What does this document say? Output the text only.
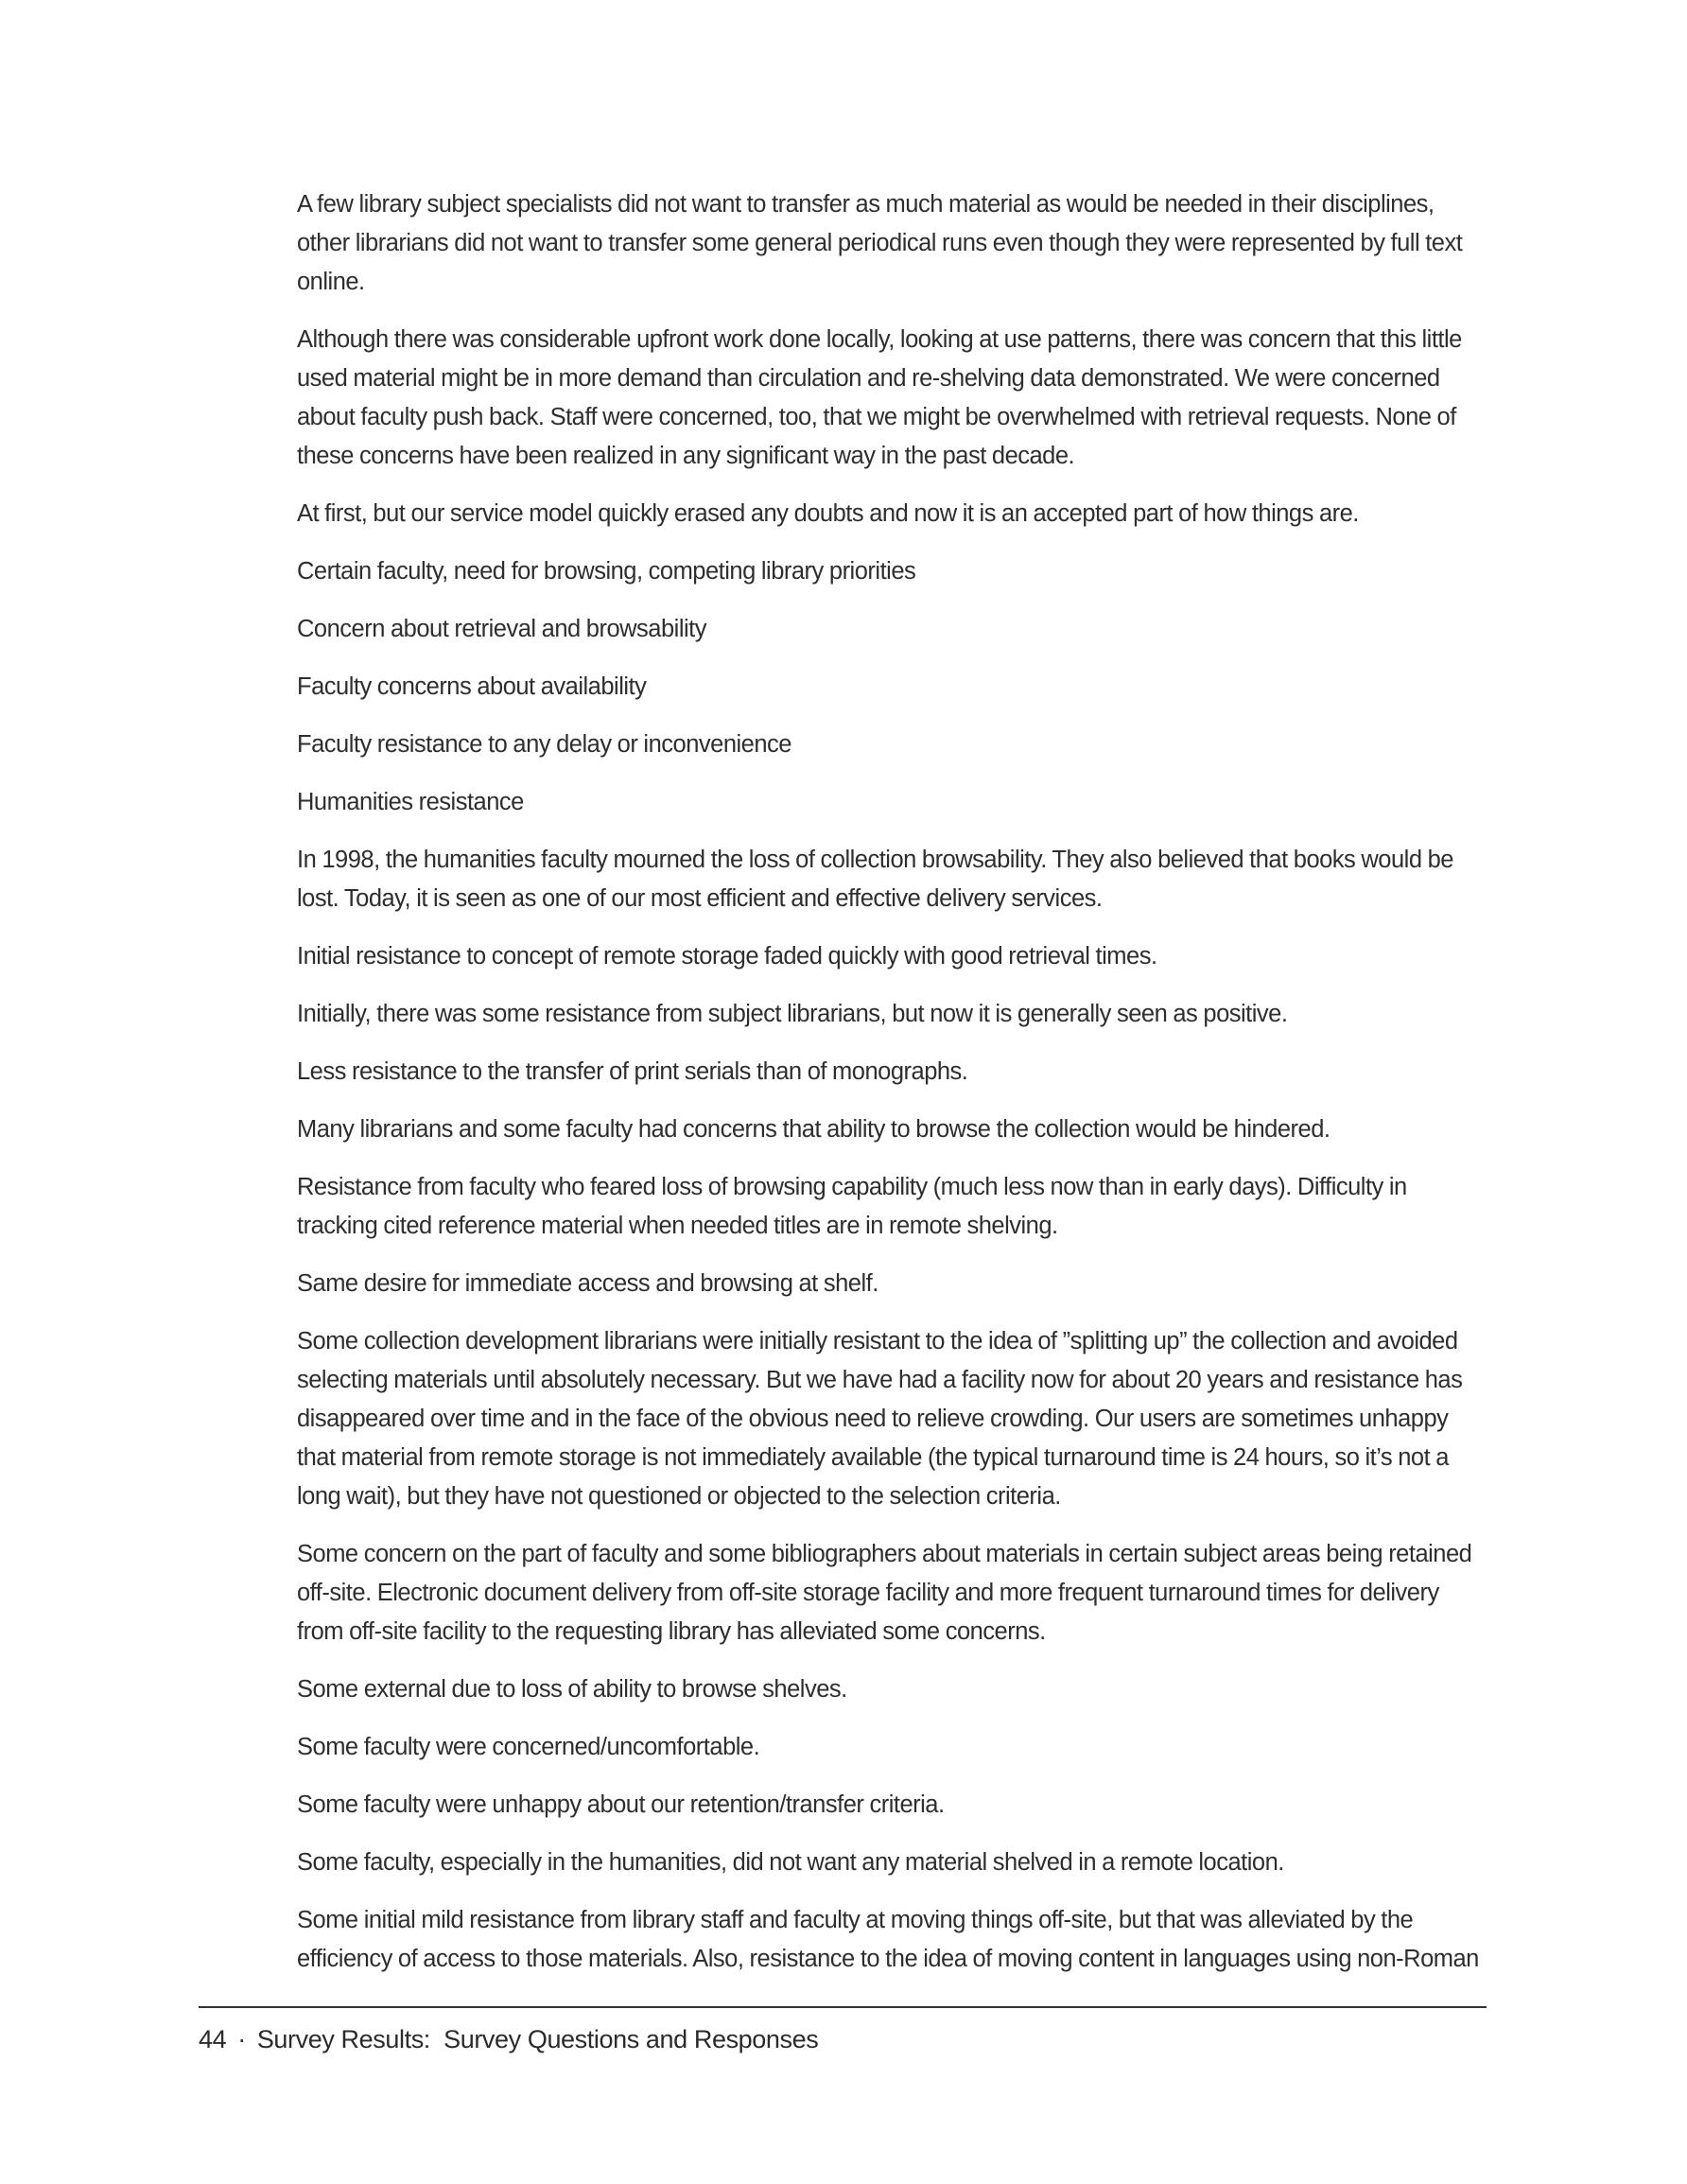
A few library subject specialists did not want to transfer as much material as would be needed in their disciplines, other librarians did not want to transfer some general periodical runs even though they were represented by full text online.

Although there was considerable upfront work done locally, looking at use patterns, there was concern that this little used material might be in more demand than circulation and re-shelving data demonstrated. We were concerned about faculty push back. Staff were concerned, too, that we might be overwhelmed with retrieval requests. None of these concerns have been realized in any significant way in the past decade.

At first, but our service model quickly erased any doubts and now it is an accepted part of how things are.

Certain faculty, need for browsing, competing library priorities

Concern about retrieval and browsability

Faculty concerns about availability

Faculty resistance to any delay or inconvenience

Humanities resistance

In 1998, the humanities faculty mourned the loss of collection browsability. They also believed that books would be lost. Today, it is seen as one of our most efficient and effective delivery services.

Initial resistance to concept of remote storage faded quickly with good retrieval times.

Initially, there was some resistance from subject librarians, but now it is generally seen as positive.

Less resistance to the transfer of print serials than of monographs.

Many librarians and some faculty had concerns that ability to browse the collection would be hindered.

Resistance from faculty who feared loss of browsing capability (much less now than in early days). Difficulty in tracking cited reference material when needed titles are in remote shelving.

Same desire for immediate access and browsing at shelf.

Some collection development librarians were initially resistant to the idea of ”splitting up” the collection and avoided selecting materials until absolutely necessary. But we have had a facility now for about 20 years and resistance has disappeared over time and in the face of the obvious need to relieve crowding. Our users are sometimes unhappy that material from remote storage is not immediately available (the typical turnaround time is 24 hours, so it’s not a long wait), but they have not questioned or objected to the selection criteria.

Some concern on the part of faculty and some bibliographers about materials in certain subject areas being retained off-site. Electronic document delivery from off-site storage facility and more frequent turnaround times for delivery from off-site facility to the requesting library has alleviated some concerns.

Some external due to loss of ability to browse shelves.

Some faculty were concerned/uncomfortable.

Some faculty were unhappy about our retention/transfer criteria.

Some faculty, especially in the humanities, did not want any material shelved in a remote location.

Some initial mild resistance from library staff and faculty at moving things off-site, but that was alleviated by the efficiency of access to those materials. Also, resistance to the idea of moving content in languages using non-Roman

44 · Survey Results: Survey Questions and Responses
